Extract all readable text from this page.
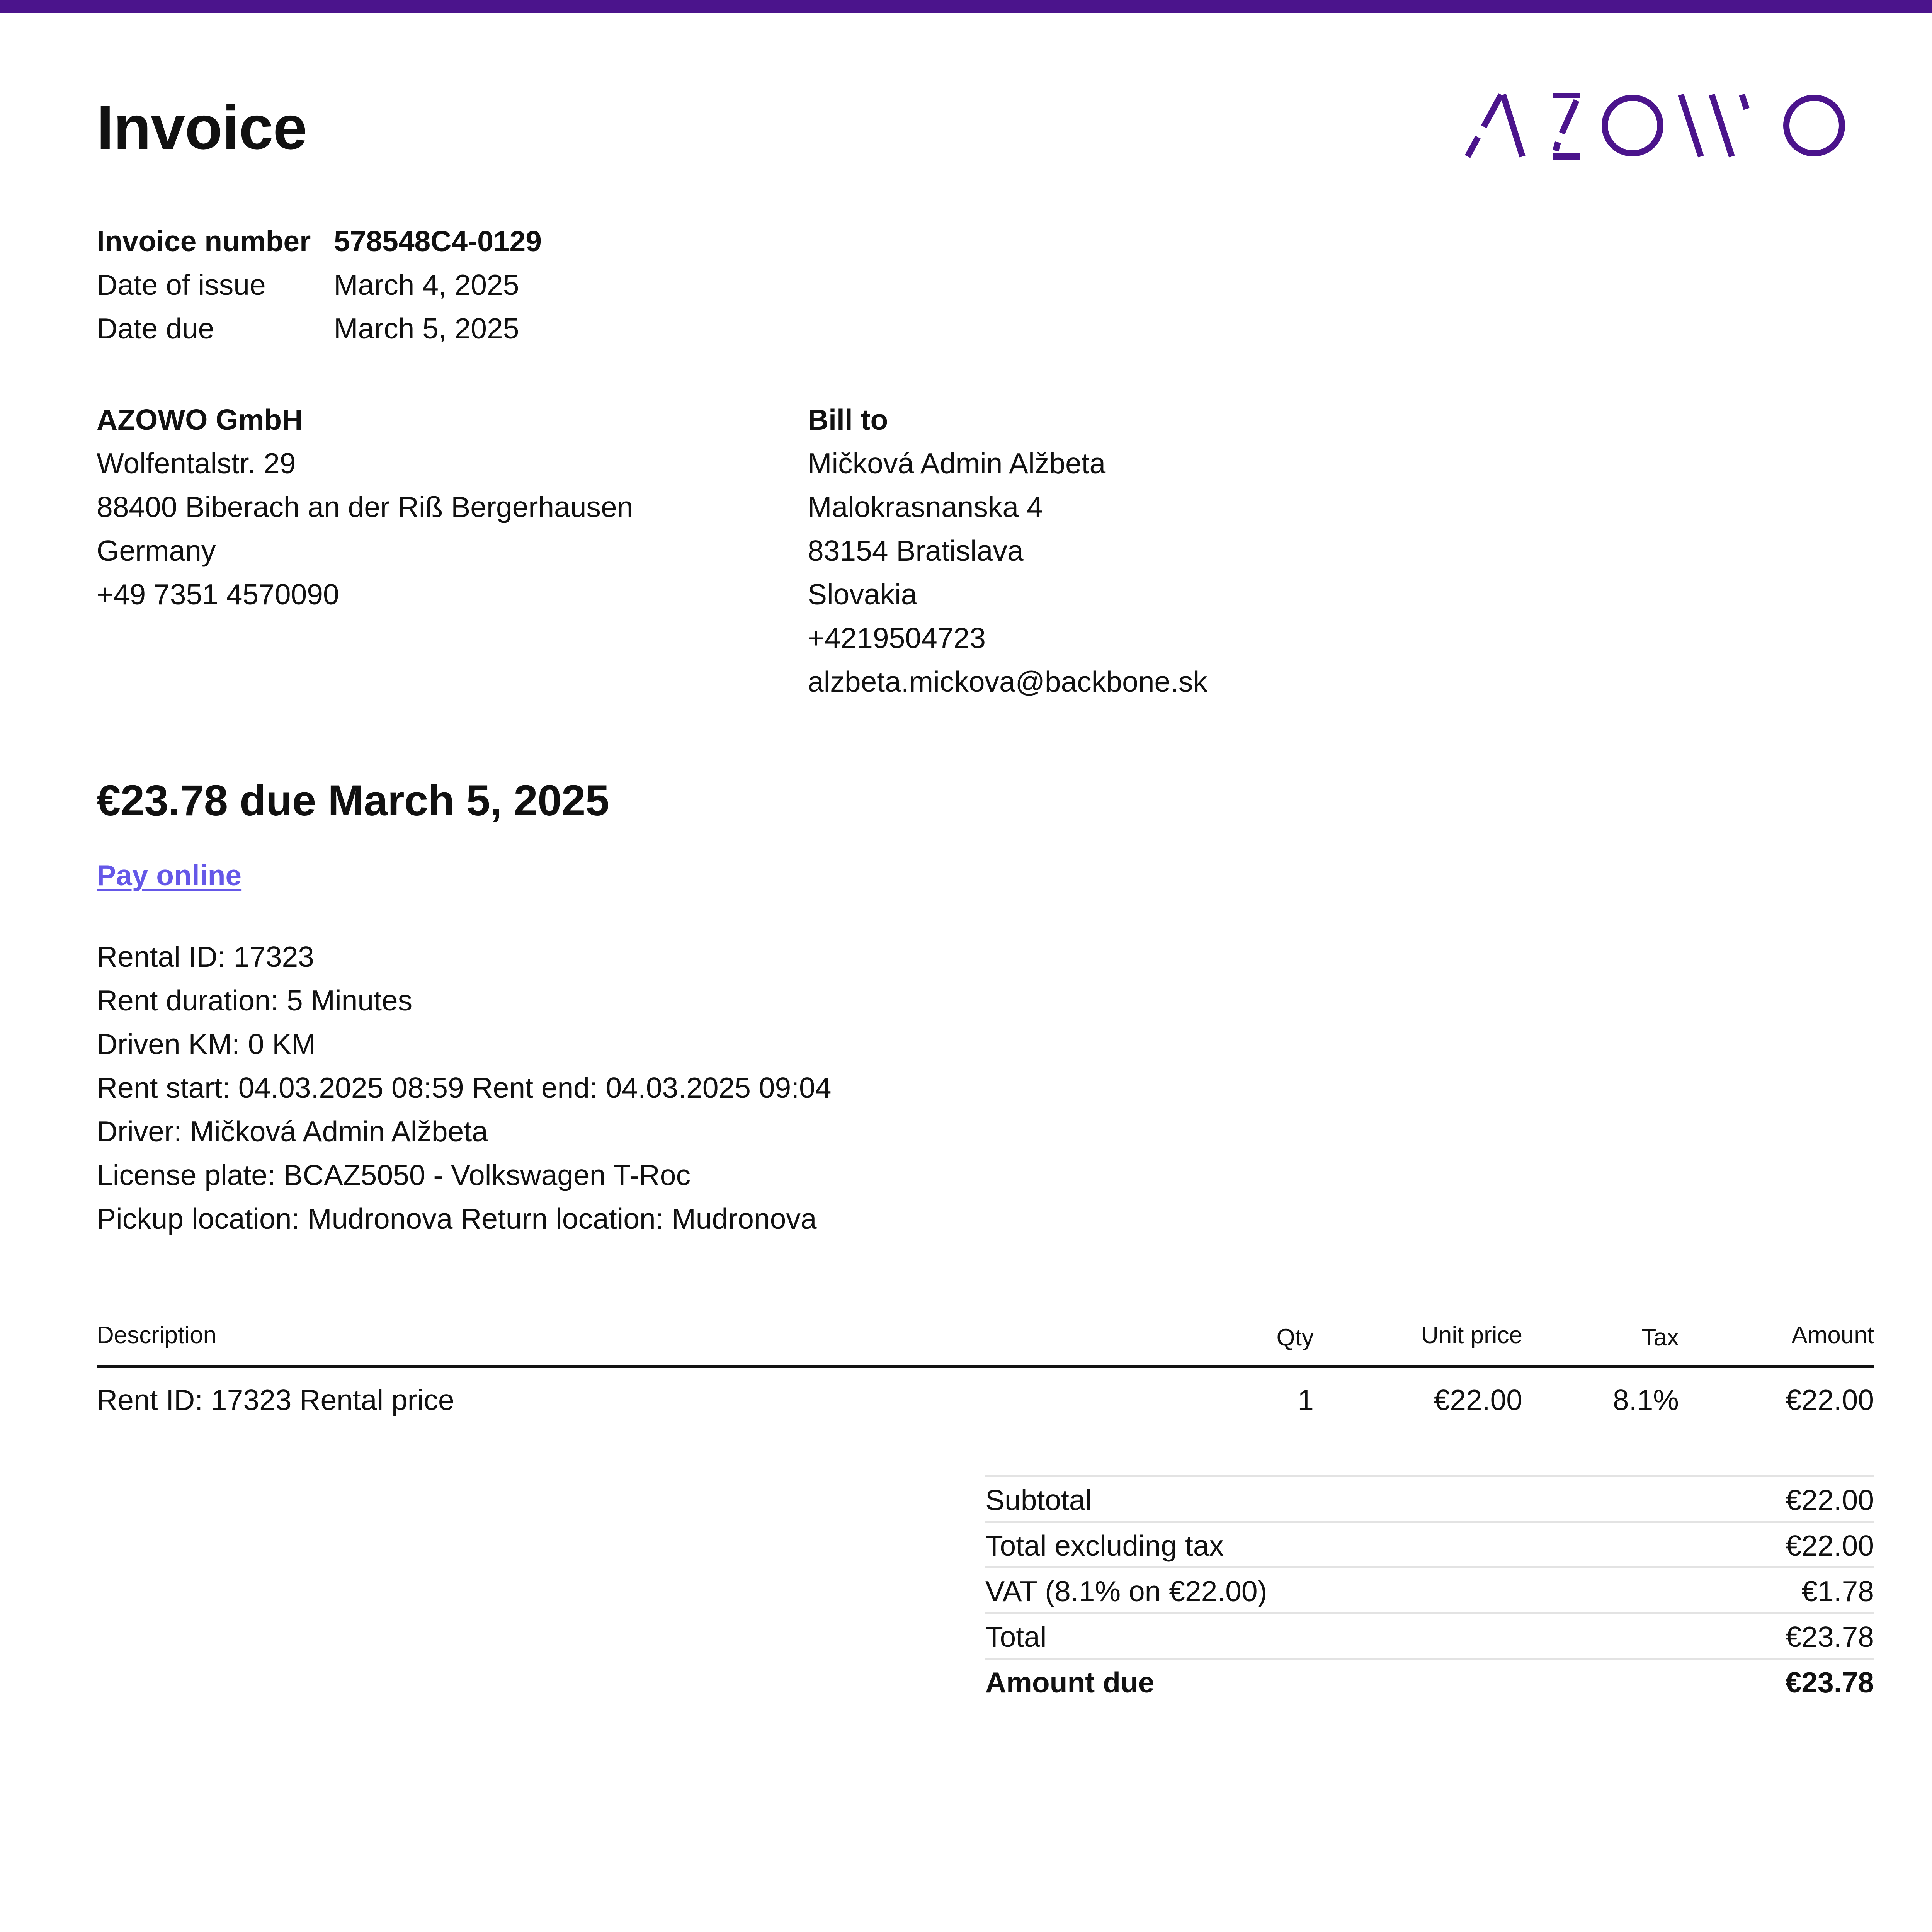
Invoice
Invoice number 578548C4-0129
Date of issue	March 4, 2025
Date due	March 5, 2025
AZOWO GmbH
Wolfentalstr. 29
88400 Biberach an der Riß Bergerhausen
Germany
+49 7351 4570090
Bill to
Mičková Admin Alžbeta
Malokrasnanska 4
83154 Bratislava
Slovakia
+4219504723
alzbeta.mickova@backbone.sk
€23.78 due March 5, 2025
Pay online
Rental ID: 17323
Rent duration: 5 Minutes
Driven KM: 0 KM
Rent start: 04.03.2025 08:59 Rent end: 04.03.2025 09:04
Driver: Mičková Admin Alžbeta
License plate: BCAZ5050 - Volkswagen T-Roc
Pickup location: Mudronova Return location: Mudronova
Description	Qty	Unit price	Tax	Amount
Rent ID: 17323 Rental price	1	€22.00	8.1%	€22.00
Subtotal	€22.00
Total excluding tax	€22.00
VAT (8.1% on €22.00)	€1.78
Total	€23.78
Amount due	€23.78
